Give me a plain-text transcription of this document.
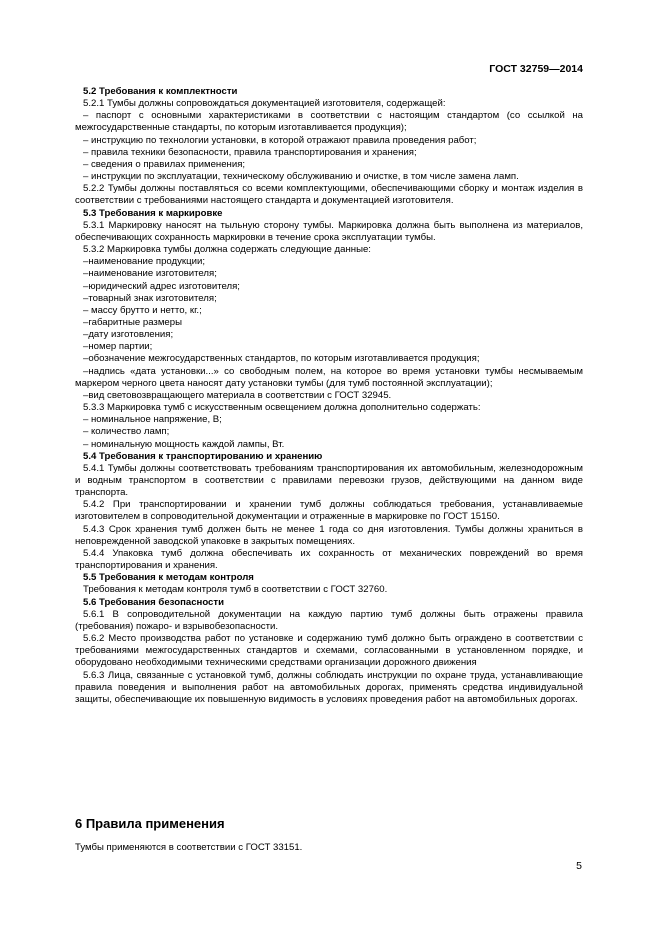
ГОСТ 32759—2014

5.2 Требования к комплектности

5.2.1 Тумбы должны сопровождаться документацией изготовителя, содержащей:

– паспорт с основными характеристиками в соответствии с настоящим стандартом (со ссылкой на межгосударственные стандарты, по которым изготавливается продукция);

– инструкцию по технологии установки, в которой отражают правила проведения работ;

– правила техники безопасности, правила транспортирования и хранения;

– сведения о правилах применения;

– инструкции по эксплуатации, техническому обслуживанию и очистке, в том числе замена ламп.

5.2.2 Тумбы должны поставляться со всеми комплектующими, обеспечивающими сборку и монтаж изделия в соответствии с требованиями настоящего стандарта и документацией изготовителя.

5.3 Требования к маркировке

5.3.1 Маркировку наносят на тыльную сторону тумбы. Маркировка должна быть выполнена из материалов, обеспечивающих сохранность маркировки в течение срока эксплуатации тумбы.

5.3.2 Маркировка тумбы должна содержать следующие данные:

–наименование продукции;

–наименование изготовителя;

–юридический адрес изготовителя;

–товарный знак изготовителя;

– массу брутто и нетто, кг.;

–габаритные размеры

–дату изготовления;

–номер партии;

–обозначение межгосударственных стандартов, по которым изготавливается продукция;

–надпись «дата установки...» со свободным полем, на которое во время установки тумбы несмываемым маркером черного цвета наносят дату установки тумбы (для тумб постоянной эксплуатации);

–вид световозвращающего материала в соответствии с ГОСТ 32945.

5.3.3 Маркировка тумб с искусственным освещением должна дополнительно содержать:

– номинальное напряжение, В;

– количество ламп;

– номинальную мощность каждой лампы, Вт.

5.4 Требования к транспортированию и хранению

5.4.1 Тумбы должны соответствовать требованиям транспортирования их автомобильным, железнодорожным и водным транспортом в соответствии с правилами перевозки грузов, действующими на данном виде транспорта.

5.4.2 При транспортировании и хранении тумб должны соблюдаться требования, устанавливаемые изготовителем в сопроводительной документации и отраженные в маркировке по ГОСТ 15150.

5.4.3 Срок хранения тумб должен быть не менее 1 года со дня изготовления. Тумбы должны храниться в неповрежденной заводской упаковке в закрытых помещениях.

5.4.4 Упаковка тумб должна обеспечивать их сохранность от механических повреждений во время транспортирования и хранения.

5.5 Требования к методам контроля

Требования к методам контроля тумб в соответствии с ГОСТ 32760.

5.6 Требования безопасности

5.6.1 В сопроводительной документации на каждую партию тумб должны быть отражены правила (требования) пожаро- и взрывобезопасности.

5.6.2 Место производства работ по установке и содержанию тумб должно быть ограждено в соответствии с требованиями межгосударственных стандартов и схемами, согласованными в установленном порядке, и оборудовано необходимыми техническими средствами организации дорожного движения

5.6.3 Лица, связанные с установкой тумб, должны соблюдать инструкции по охране труда, устанавливающие правила поведения и выполнения работ на автомобильных дорогах, применять средства индивидуальной защиты, обеспечивающие их повышенную видимость в условиях проведения работ на автомобильных дорогах.

6 Правила применения
Тумбы применяются в соответствии с ГОСТ 33151.
5
